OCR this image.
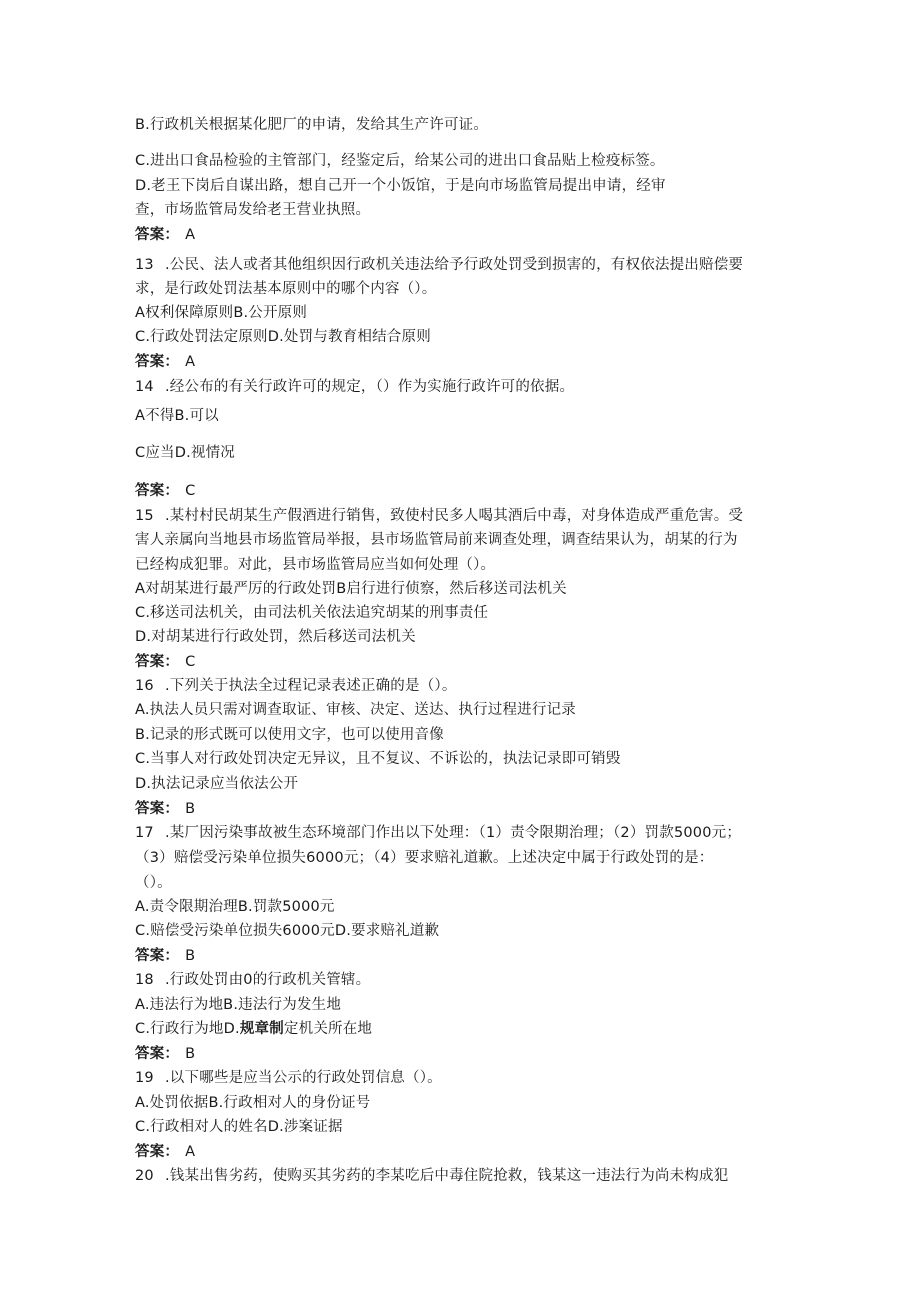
B.行政机关根据某化肥厂的申请，发给其生产许可证。
C.进出口食品检验的主管部门，经鉴定后，给某公司的进出口食品贴上检疫标签。
D.老王下岗后自谋出路，想自己开一个小饭馆，于是向市场监管局提出申请，经审
查，市场监管局发给老王营业执照。
答案： A
13 .公民、法人或者其他组织因行政机关违法给予行政处罚受到损害的，有权依法提出赔偿要
求，是行政处罚法基本原则中的哪个内容（）。
A权利保障原则B.公开原则
C.行政处罚法定原则D.处罚与教育相结合原则
答案： A
14 .经公布的有关行政许可的规定，（）作为实施行政许可的依据。
A不得B.可以
C应当D.视情况
答案： C
15 .某村村民胡某生产假酒进行销售，致使村民多人喝其酒后中毒，对身体造成严重危害。受
害人亲属向当地县市场监管局举报，县市场监管局前来调查处理，调查结果认为，胡某的行为
已经构成犯罪。对此，县市场监管局应当如何处理（）。
A对胡某进行最严厉的行政处罚B启行进行侦察，然后移送司法机关
C.移送司法机关，由司法机关依法追究胡某的刑事责任
D.对胡某进行行政处罚，然后移送司法机关
答案： C
16 .下列关于执法全过程记录表述正确的是（）。
A.执法人员只需对调查取证、审核、决定、送达、执行过程进行记录
B.记录的形式既可以使用文字，也可以使用音像
C.当事人对行政处罚决定无异议，且不复议、不诉讼的，执法记录即可销毁
D.执法记录应当依法公开
答案： B
17 .某厂因污染事故被生态环境部门作出以下处理：（1）责令限期治理；（2）罚款5000元；
（3）赔偿受污染单位损失6000元；（4）要求赔礼道歉。上述决定中属于行政处罚的是：
（）。
A.责令限期治理B.罚款5000元
C.赔偿受污染单位损失6000元D.要求赔礼道歉
答案： B
18 .行政处罚由0的行政机关管辖。
A.违法行为地B.违法行为发生地
C.行政行为地D.规章制定机关所在地
答案： B
19 .以下哪些是应当公示的行政处罚信息（）。
A.处罚依据B.行政相对人的身份证号
C.行政相对人的姓名D.涉案证据
答案： A
20 .钱某出售劣药，使购买其劣药的李某吃后中毒住院抢救，钱某这一违法行为尚未构成犯
